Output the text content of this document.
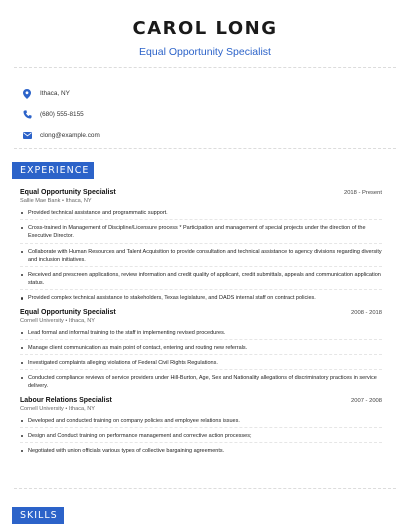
CAROL LONG
Equal Opportunity Specialist
Ithaca, NY
(680) 555-8155
clong@example.com
EXPERIENCE
Equal Opportunity Specialist	2018 - Present
Sallie Mae Bank • Ithaca, NY
Provided technical assistance and programmatic support.
Cross-trained in Management of Discipline/Licensure process * Participation and management of special projects under the direction of the Executive Director.
Collaborate with Human Resources and Talent Acquisition to provide consultation and technical assistance to agency divisions regarding diversity and inclusion initiatives.
Received and prescreen applications, review information and credit quality of applicant, credit submittals, appeals and communication application status.
Provided complex technical assistance to stakeholders, Texas legislature, and DADS internal staff on contract policies.
Equal Opportunity Specialist	2008 - 2018
Cornell University • Ithaca, NY
Lead formal and informal training to the staff in implementing revised procedures.
Manage client communication as main point of contact, entering and routing new referrals.
Investigated complaints alleging violations of Federal Civil Rights Regulations.
Conducted compliance reviews of service providers under Hill-Burton, Age, Sex and Nationality allegations of discriminatory practices in service delivery.
Labour Relations Specialist	2007 - 2008
Cornell University • Ithaca, NY
Developed and conducted training on company policies and employee relations issues.
Design and Conduct training on performance management and corrective action processes;
Negotiated with union officials various types of collective bargaining agreements.
SKILLS
